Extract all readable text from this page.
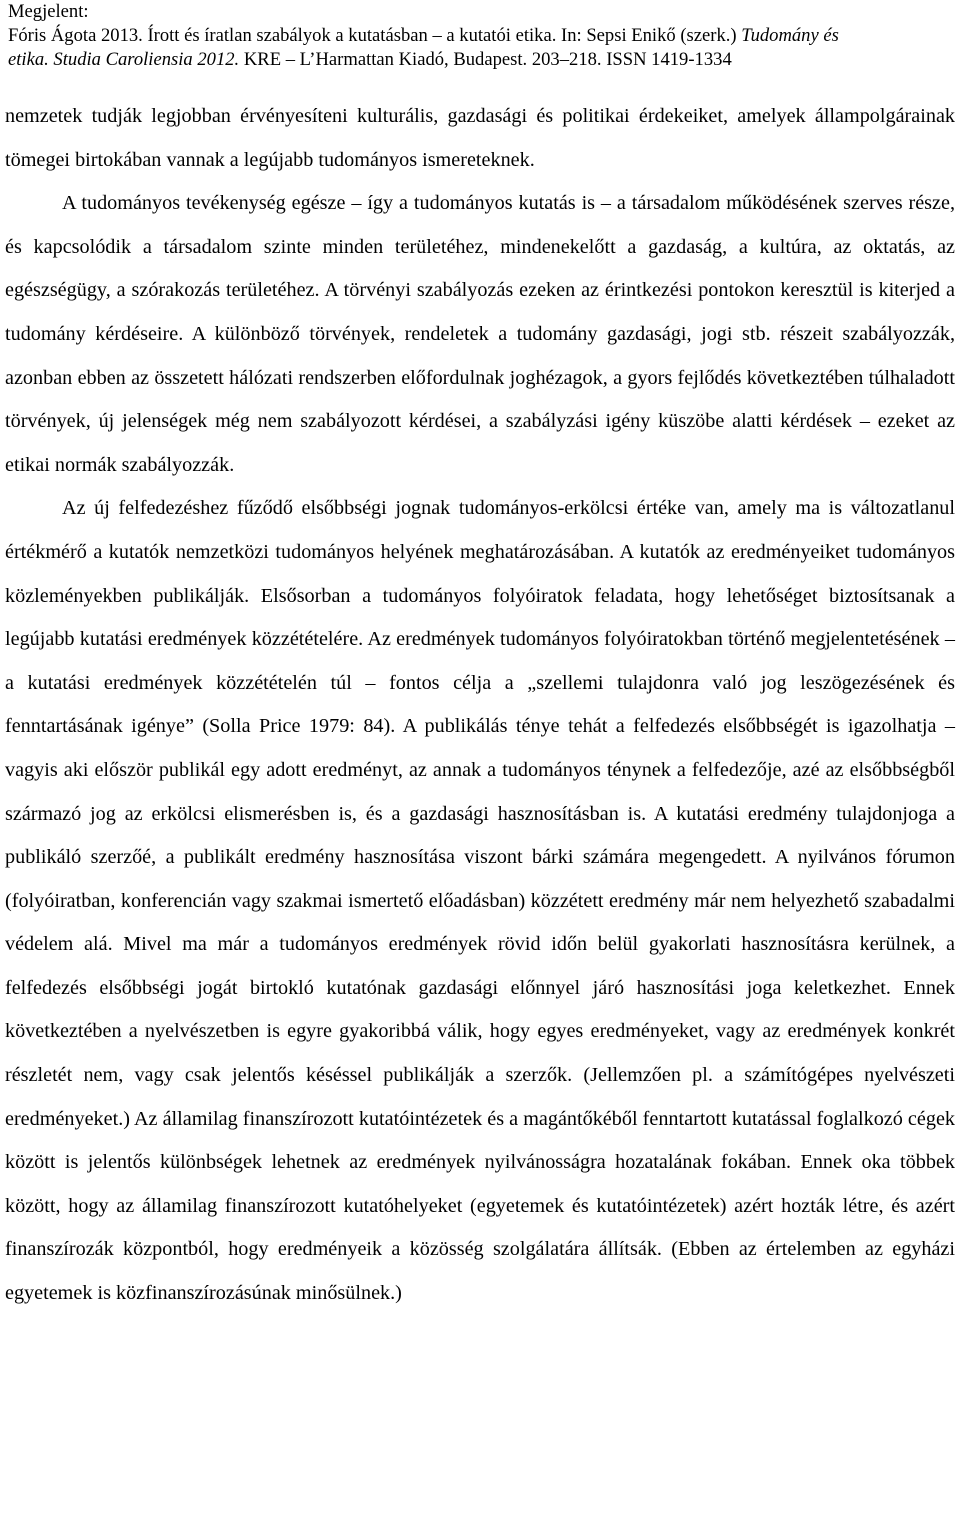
Megjelent:
Fóris Ágota 2013. Írott és íratlan szabályok a kutatásban – a kutatói etika. In: Sepsi Enikő (szerk.) Tudomány és
etika. Studia Caroliensia 2012. KRE – L’Harmattan Kiadó, Budapest. 203–218. ISSN 1419-1334

nemzetek tudják legjobban érvényesíteni kulturális, gazdasági és politikai érdekeiket, amelyek állampolgárainak tömegei birtokában vannak a legújabb tudományos ismereteknek.

A tudományos tevékenység egésze – így a tudományos kutatás is – a társadalom működésének szerves része, és kapcsolódik a társadalom szinte minden területéhez, mindenekelőtt a gazdaság, a kultúra, az oktatás, az egészségügy, a szórakozás területéhez. A törvényi szabályozás ezeken az érintkezési pontokon keresztül is kiterjed a tudomány kérdéseire. A különböző törvények, rendeletek a tudomány gazdasági, jogi stb. részeit szabályozzák, azonban ebben az összetett hálózati rendszerben előfordulnak joghézagok, a gyors fejlődés következtében túlhaladott törvények, új jelenségek még nem szabályozott kérdései, a szabályzási igény küszöbe alatti kérdések – ezeket az etikai normák szabályozzák.

Az új felfedezéshez fűződő elsőbbségi jognak tudományos-erkölcsi értéke van, amely ma is változatlanul értékmérő a kutatók nemzetközi tudományos helyének meghatározásában. A kutatók az eredményeiket tudományos közleményekben publikálják. Elsősorban a tudományos folyóiratok feladata, hogy lehetőséget biztosítsanak a legújabb kutatási eredmények közzétételére. Az eredmények tudományos folyóiratokban történő megjelentetésének – a kutatási eredmények közzétételén túl – fontos célja a „szellemi tulajdonra való jog leszögezésének és fenntartásának igénye” (Solla Price 1979: 84). A publikálás ténye tehát a felfedezés elsőbbségét is igazolhatja – vagyis aki először publikál egy adott eredményt, az annak a tudományos ténynek a felfedezője, azé az elsőbbségből származó jog az erkölcsi elismerésben is, és a gazdasági hasznosításban is. A kutatási eredmény tulajdonjoga a publikáló szerzőé, a publikált eredmény hasznosítása viszont bárki számára megengedett. A nyilvános fórumon (folyóiratban, konferencián vagy szakmai ismertető előadásban) közzétett eredmény már nem helyezhető szabadalmi védelem alá. Mivel ma már a tudományos eredmények rövid időn belül gyakorlati hasznosításra kerülnek, a felfedezés elsőbbségi jogát birtokló kutatónak gazdasági előnnyel járó hasznosítási joga keletkezhet. Ennek következtében a nyelvészetben is egyre gyakoribbá válik, hogy egyes eredményeket, vagy az eredmények konkrét részletét nem, vagy csak jelentős késéssel publikálják a szerzők. (Jellemzően pl. a számítógépes nyelvészeti eredményeket.) Az államilag finanszírozott kutatóintézetek és a magántőkéből fenntartott kutatással foglalkozó cégek között is jelentős különbségek lehetnek az eredmények nyilvánosságra hozatalának fokában. Ennek oka többek között, hogy az államilag finanszírozott kutatóhelyeket (egyetemek és kutatóintézetek) azért hozták létre, és azért finanszírozák központból, hogy eredményeik a közösség szolgálatára állítsák. (Ebben az értelemben az egyházi egyetemek is közfinanszírozásúnak minősülnek.)
